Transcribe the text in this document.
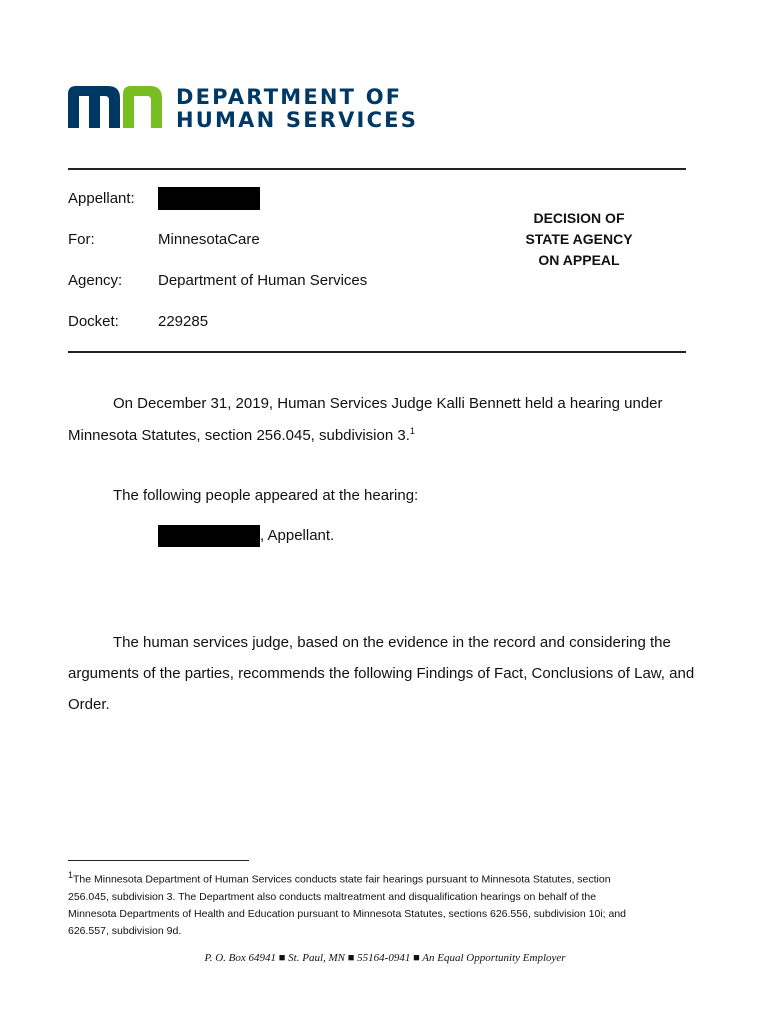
DEPARTMENT OF
HUMAN SERVICES
Appellant:
For:	MinnesotaCare
Agency: Department of Human Services
Docket:	229285
DECISION OF
STATE AGENCY
ON APPEAL
On December 31, 2019, Human Services Judge Kalli Bennett held a hearing under
Minnesota Statutes, section 256.045, subdivision 3.$^1$
The following people appeared at the hearing:
, Appellant.
The human services judge, based on the evidence in the record and considering the
arguments of the parties, recommends the following Findings of Fact, Conclusions of Law, and
Order.
$^1$The Minnesota Department of Human Services conducts state fair hearings pursuant to Minnesota Statutes, section
256.045, subdivision 3. The Department also conducts maltreatment and disqualification hearings on behalf of the
Minnesota Departments of Health and Education pursuant to Minnesota Statutes, sections 626.556, subdivision 10i; and
626.557, subdivision 9d.
P. O. Box 64941 ■ St. Paul, MN ■ 55164-0941 ■ An Equal Opportunity Employer
